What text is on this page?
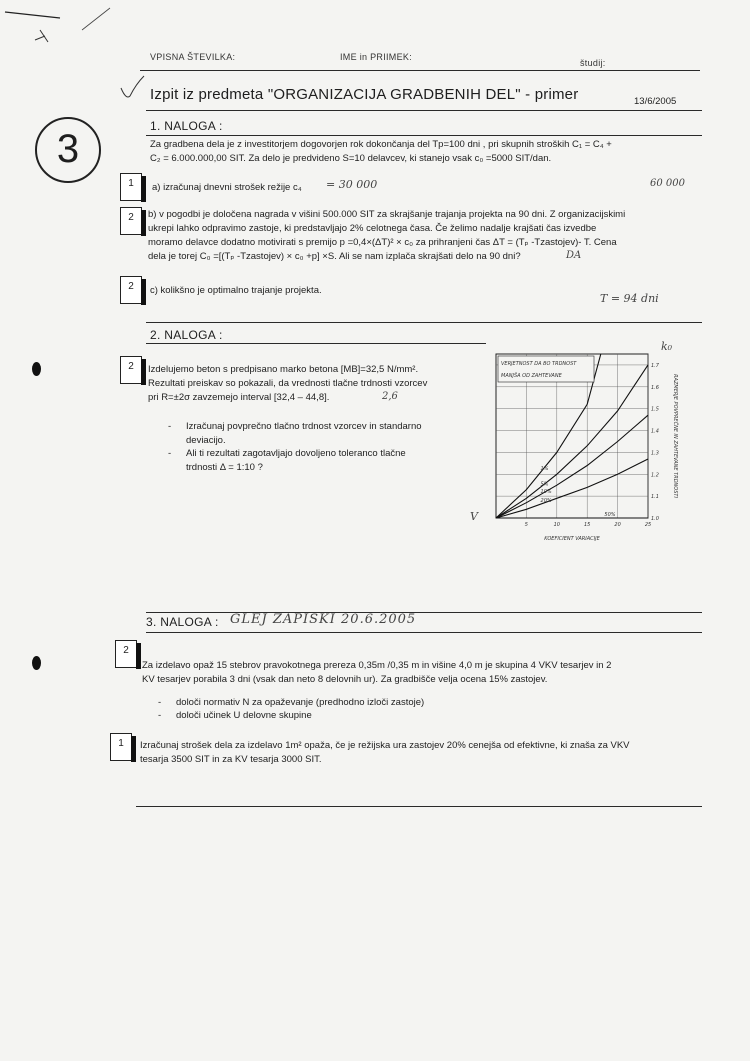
VPISNA ŠTEVILKA:	IME in PRIIMEK:
študij:
Izpit iz predmeta "ORGANIZACIJA GRADBENIH DEL" - primer	13/6/2005
3
1. NALOGA :
Za gradbena dela je z investitorjem dogovorjen rok dokončanja del Tp=100 dni , pri skupnih stroških C₁ = C₄ +
C₂ = 6.000.000,00 SIT. Za delo je predvideno S=10 delavcev, ki stanejo vsak c₀ =5000 SIT/dan.
1	a) izračunaj dnevni strošek režije c₄ = 30 000	60 000
2	b) v pogodbi je določena nagrada v višini 500.000 SIT za skrajšanje trajanja projekta na 90 dni. Z organizacijskimi
ukrepi lahko odpravimo zastoje, ki predstavljajo 2% celotnega časa. Če želimo nadalje krajšati čas izvedbe
moramo delavce dodatno motivirati s premijo p =0,4×(ΔT)² × c₀ za prihranjeni čas ΔT = (Tₚ -Tzastojev)- T. Cena
dela je torej C₀ =[(Tₚ -Tzastojev) × c₀ +p] ×S. Ali se nam izplača skrajšati delo na 90 dni?	DA
2	c) kolikšno je optimalno trajanje projekta.
T = 94 dni
2. NALOGA :
2	Izdelujemo beton s predpisano marko betona [MB]=32,5 N/mm².
Rezultati preiskav so pokazali, da vrednosti tlačne trdnosti vzorcev
pri R=±2σ zavzemejo interval [32,4 – 44,8].	2,6
- Izračunaj povprečno tlačno trdnost vzorcev in standarno
deviacijo.
- Ali ti rezultati zagotavljajo dovoljeno toleranco tlačne
trdnosti Δ = 1:10 ?
k₀
V
5	10	15	20	25
1.0
1.1
1.2
1.3
1.4
1.5
1.6
1.7
1%
5%
10%
20%
50%
VERJETNOST DA BO TRDNOST
MANJŠA OD ZAHTEVANE
KOEFICIENT VARIACIJE
RAZMERJE POVPREČNE IN ZAHTEVANE TRDNOSTI
3. NALOGA : GLEJ ZAPISKI 20.6.2005
2
Za izdelavo opaž 15 stebrov pravokotnega prereza 0,35m /0,35 m in višine 4,0 m je skupina 4 VKV tesarjev in 2
KV tesarjev porabila 3 dni (vsak dan neto 8 delovnih ur). Za gradbišče velja ocena 15% zastojev.
- določi normativ N za opaževanje (predhodno izloči zastoje)
- določi učinek U delovne skupine
1	Izračunaj strošek dela za izdelavo 1m² opaža, če je režijska ura zastojev 20% cenejša od efektivne, ki znaša za VKV
tesarja 3500 SIT in za KV tesarja 3000 SIT.
